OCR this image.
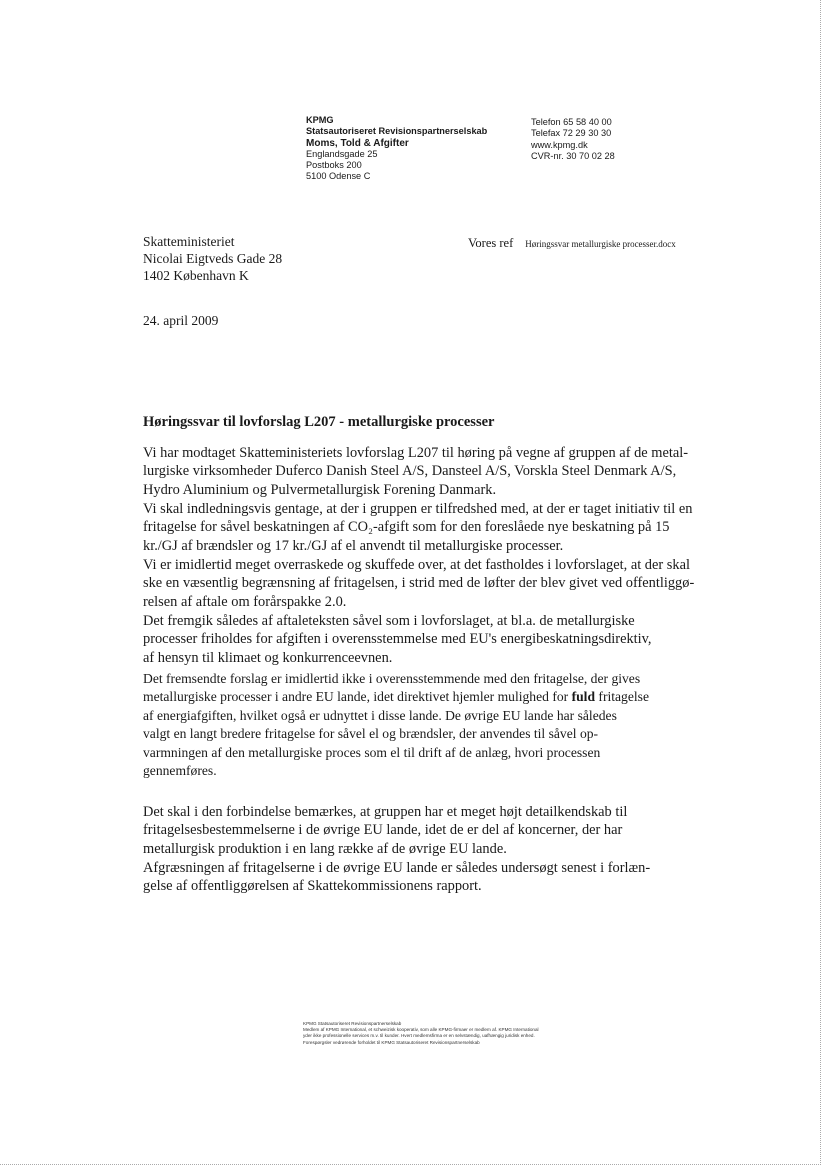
KPMG
Statsautoriseret Revisionspartnerselskab
Moms, Told & Afgifter
Englandsgade 25
Postboks 200
5100 Odense C
Telefon 65 58 40 00
Telefax 72 29 30 30
www.kpmg.dk
CVR-nr. 30 70 02 28
Skatteministeriet
Nicolai Eigtveds Gade 28
1402 København K
Vores ref Høringssvar metallurgiske processer.docx
24. april 2009
Høringssvar til lovforslag L207 - metallurgiske processer
Vi har modtaget Skatteministeriets lovforslag L207 til høring på vegne af gruppen af de metal-
lurgiske virksomheder Duferco Danish Steel A/S, Dansteel A/S, Vorskla Steel Denmark A/S,
Hydro Aluminium og Pulvermetallurgisk Forening Danmark.
Vi skal indledningsvis gentage, at der i gruppen er tilfredshed med, at der er taget initiativ til en
fritagelse for såvel beskatningen af CO₂-afgift som for den foreslåede nye beskatning på 15
kr./GJ af brændsler og 17 kr./GJ af el anvendt til metallurgiske processer.
Vi er imidlertid meget overraskede og skuffede over, at det fastholdes i lovforslaget, at der skal
ske en væsentlig begrænsning af fritagelsen, i strid med de løfter der blev givet ved offentliggø-
relsen af aftale om forårspakke 2.0.
Det fremgik således af aftaleteksten såvel som i lovforslaget, at bl.a. de metallurgiske
processer friholdes for afgiften i overensstemmelse med EU's energibeskatningsdirektiv,
af hensyn til klimaet og konkurrenceevnen.
Det fremsendte forslag er imidlertid ikke i overensstemmende med den fritagelse, der gives
metallurgiske processer i andre EU lande, idet direktivet hjemler mulighed for fuld fritagelse
af energiafgiften, hvilket også er udnyttet i disse lande. De øvrige EU lande har således
valgt en langt bredere fritagelse for såvel el og brændsler, der anvendes til såvel op-
varmningen af den metallurgiske proces som el til drift af de anlæg, hvori processen
gennemføres.
Det skal i den forbindelse bemærkes, at gruppen har et meget højt detailkendskab til
fritagelsesbestemmelserne i de øvrige EU lande, idet de er del af koncerner, der har
metallurgisk produktion i en lang række af de øvrige EU lande.
Afgræsningen af fritagelserne i de øvrige EU lande er således undersøgt senest i forlæn-
gelse af offentliggørelsen af Skattekommissionens rapport.
KPMG Statsautoriseret Revisionspartnerselskab
Medlem af KPMG International, et schweizisk kooperativ, som alle KPMG-firmaer er medlem af. KPMG International
yder ikke professionelle services m.v. til kunder. Hvert medlemsfirma er en selvstændig, uafhængig juridisk enhed.
Forespørgsler vedrørende forholdet til KPMG Statsautoriseret Revisionspartnerselskab
